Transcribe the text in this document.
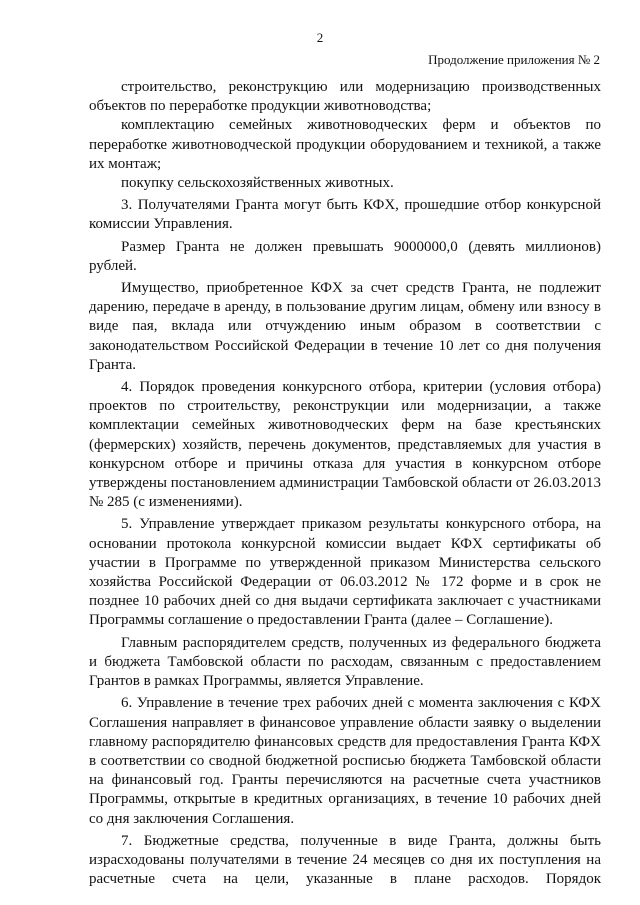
2
Продолжение приложения № 2

строительство, реконструкцию или модернизацию производственных объектов по переработке продукции животноводства;

комплектацию семейных животноводческих ферм и объектов по переработке животноводческой продукции оборудованием и техникой, а также их монтаж;

покупку сельскохозяйственных животных.

3. Получателями Гранта могут быть КФХ, прошедшие отбор конкурсной комиссии Управления.

Размер Гранта не должен превышать 9000000,0 (девять миллионов) рублей.

Имущество, приобретенное КФХ за счет средств Гранта, не подлежит дарению, передаче в аренду, в пользование другим лицам, обмену или взносу в виде пая, вклада или отчуждению иным образом в соответствии с законодательством Российской Федерации в течение 10 лет со дня получения Гранта.

4. Порядок проведения конкурсного отбора, критерии (условия отбора) проектов по строительству, реконструкции или модернизации, а также комплектации семейных животноводческих ферм на базе крестьянских (фермерских) хозяйств, перечень документов, представляемых для участия в конкурсном отборе и причины отказа для участия в конкурсном отборе утверждены постановлением администрации Тамбовской области от 26.03.2013 № 285 (с изменениями).

5. Управление утверждает приказом результаты конкурсного отбора, на основании протокола конкурсной комиссии выдает КФХ сертификаты об участии в Программе по утвержденной приказом Министерства сельского хозяйства Российской Федерации от 06.03.2012 № 172 форме и в срок не позднее 10 рабочих дней со дня выдачи сертификата заключает с участниками Программы соглашение о предоставлении Гранта (далее – Соглашение).

Главным распорядителем средств, полученных из федерального бюджета и бюджета Тамбовской области по расходам, связанным с предоставлением Грантов в рамках Программы, является Управление.

6. Управление в течение трех рабочих дней с момента заключения с КФХ Соглашения направляет в финансовое управление области заявку о выделении главному распорядителю финансовых средств для предоставления Гранта КФХ в соответствии со сводной бюджетной росписью бюджета Тамбовской области на финансовый год. Гранты перечисляются на расчетные счета участников Программы, открытые в кредитных организациях, в течение 10 рабочих дней со дня заключения Соглашения.

7. Бюджетные средства, полученные в виде Гранта, должны быть израсходованы получателями в течение 24 месяцев со дня их поступления на расчетные счета на цели, указанные в плане расходов. Порядок
